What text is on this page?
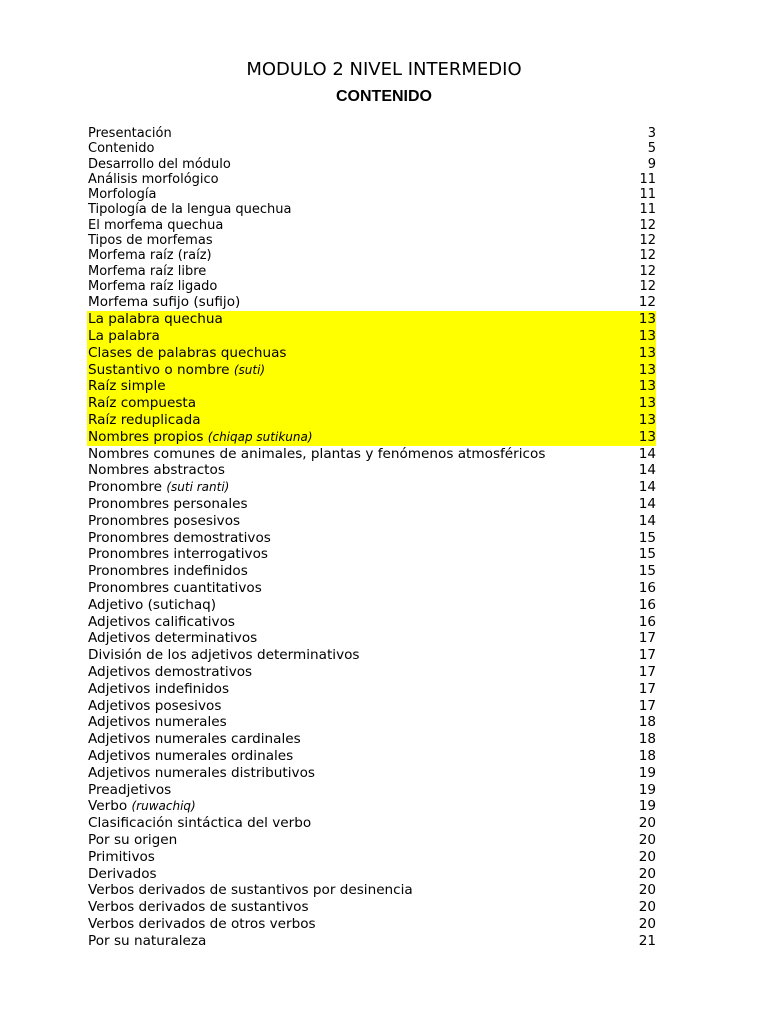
MODULO 2 NIVEL INTERMEDIO
CONTENIDO
Presentación	3
Contenido	5
Desarrollo del módulo	9
Análisis morfológico	11
Morfología	11
Tipología de la lengua quechua	11
El morfema quechua	12
Tipos de morfemas	12
Morfema raíz (raíz)	12
Morfema raíz libre	12
Morfema raíz ligado	12
Morfema sufijo (sufijo)	12
La palabra quechua	13
La palabra	13
Clases de palabras quechuas	13
Sustantivo o nombre (suti)	13
Raíz simple	13
Raíz compuesta	13
Raíz reduplicada	13
Nombres propios (chiqap sutikuna)	13
Nombres comunes de animales, plantas y fenómenos atmosféricos	14
Nombres abstractos	14
Pronombre (suti ranti)	14
Pronombres personales	14
Pronombres posesivos	14
Pronombres demostrativos	15
Pronombres interrogativos	15
Pronombres indefinidos	15
Pronombres cuantitativos	16
Adjetivo (sutichaq)	16
Adjetivos calificativos	16
Adjetivos determinativos	17
División de los adjetivos determinativos	17
Adjetivos demostrativos	17
Adjetivos indefinidos	17
Adjetivos posesivos	17
Adjetivos numerales	18
Adjetivos numerales cardinales	18
Adjetivos numerales ordinales	18
Adjetivos numerales distributivos	19
Preadjetivos	19
Verbo (ruwachiq)	19
Clasificación sintáctica del verbo	20
Por su origen	20
Primitivos	20
Derivados	20
Verbos derivados de sustantivos por desinencia	20
Verbos derivados de sustantivos	20
Verbos derivados de otros verbos	20
Por su naturaleza	21
